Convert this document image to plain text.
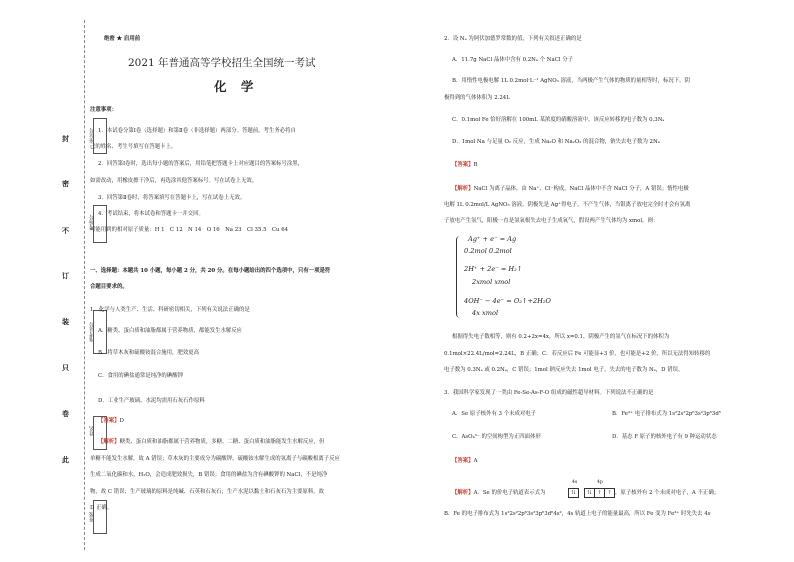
封
密
不
订
装
只
卷
此
座位号
考场号
准考证号
姓名
班级
绝密 ★ 启用前
2021 年普通高等学校招生全国统一考试
化 学
注意事项：
1．本试卷分第Ⅰ卷（选择题）和第Ⅱ卷（非选择题）两部分。答题前，考生务必将自
己的姓名、考生号填写在答题卡上。
2．回答第Ⅰ卷时，选出每小题的答案后，用铅笔把答题卡上对应题目的答案标号涂黑，
如需改动，用橡皮擦干净后，再选涂其他答案标号。写在试卷上无效。
3．回答第Ⅱ卷时，将答案填写在答题卡上，写在试卷上无效。
4．考试结束，将本试卷和答题卡一并交回。
可能用到的相对原子质量：H 1　C 12　N 14　O 16　Na 23　Cl 35.5　Cu 64
一、选择题：本题共 10 小题，每小题 2 分，共 20 分。在每小题给出的四个选项中，只有一项是符
合题目要求的。
1．化学与人类生产、生活、科研密切相关，下列有关说法正确的是
A．糖类、蛋白质和油脂都属于营养物质，都能发生水解反应
B．将草木灰和硫酸铵混合施用，肥效更高
C．食用的碘盐通常是纯净的碘酸钾
D．工业生产玻璃、水泥均需用石灰石作原料
【答案】D
【解析】糖类、蛋白质和油脂都属于营养物质，多糖、二糖、蛋白质和油脂能发生水解反应，但
单糖不能发生水解，故 A 错误；草木灰的主要成分为碳酸钾，硫酸铵水解生成的氢离子与碳酸根离子反应
生成二氧化碳和水，H₂O，会造成肥效损失，B 错误；食用的碘盐为含有碘酸钾的 NaCl，不是纯净
物，故 C 错误；生产玻璃的原料是纯碱、石英和石灰石；生产水泥以黏土和石灰石为主要原料，故
D 正确。
2．设 Nₐ 为阿伏加德罗常数的值，下列有关叙述正确的是
A．11.7g NaCl 晶体中含有 0.2Nₐ 个 NaCl 分子
B．用惰性电极电解 1L 0.2mol·L⁻¹ AgNO₃ 溶液，当两极产生气体的物质的量相等时，标况下，阴
极得到的气体体积为 2.24L
C．0.1mol Fe 恰好溶解在 100mL 某浓度的硝酸溶液中，该反应转移的电子数为 0.3Nₐ
D．1mol Na 与足量 O₂ 反应，生成 Na₂O 和 Na₂O₂ 的混合物，钠失去电子数为 2Nₐ
【答案】B
【解析】NaCl 为离子晶体，由 Na⁺、Cl⁻构成，NaCl 晶体中不含 NaCl 分子，A 错误；惰性电极
电解 1L 0.2mol/L AgNO₃ 溶液，阴极先是 Ag⁺得电子，不产生气体，当银离子放电完全时才会有氢离
子放电产生氢气，阳极一直是氢氧根失去电子生成氧气，假设两产生气体均为 xmol，则：
Ag⁺ + e⁻ = Ag
0.2mol 0.2mol
2H⁺ + 2e⁻ = H₂↑
2xmol xmol
4OH⁻ − 4e⁻ = O₂↑+2H₂O
4x xmol
根据得失电子数相等，则有 0.2+2x=4x，所以 x=0.1，阴极产生的氢气在标况下的体积为
0.1mol×22.4L/mol=2.24L，B 正确；C．若反应后 Fe 可能显+3 价，也可能是+2 价，所以无法得知转移的
电子数为 0.3Nₐ 或 0.2Nₐ，C 错误；1mol 钠反应失去 1mol 电子，失去的电子数为 Nₐ，D 错误。
3．我国科学家发现了一类由 Fe-Se-As-F-O 组成的磁性超导材料。下列说法不正确的是
A．Se 原子核外有 3 个未成对电子	B．Fe³⁺ 电子排布式为 1s²2s²2p⁶3s²3p⁶3d⁵
C．AsO₄³⁻ 的空间构型为正四面体形	D．基态 F 原子的核外电子有 9 种运动状态
【答案】A
【解析】A．Se 的价电子轨道表示式为
4s	4p
⇅	⇅	↑	↑ ，原子核外有 2 个未成对电子，A 不正确；
B．Fe 的电子排布式为 1s²2s²2p⁶3s²3p⁶3d⁶4s²，4s 轨道上电子的能量最高，所以 Fe 变为 Fe³⁺ 时先失去 4s
